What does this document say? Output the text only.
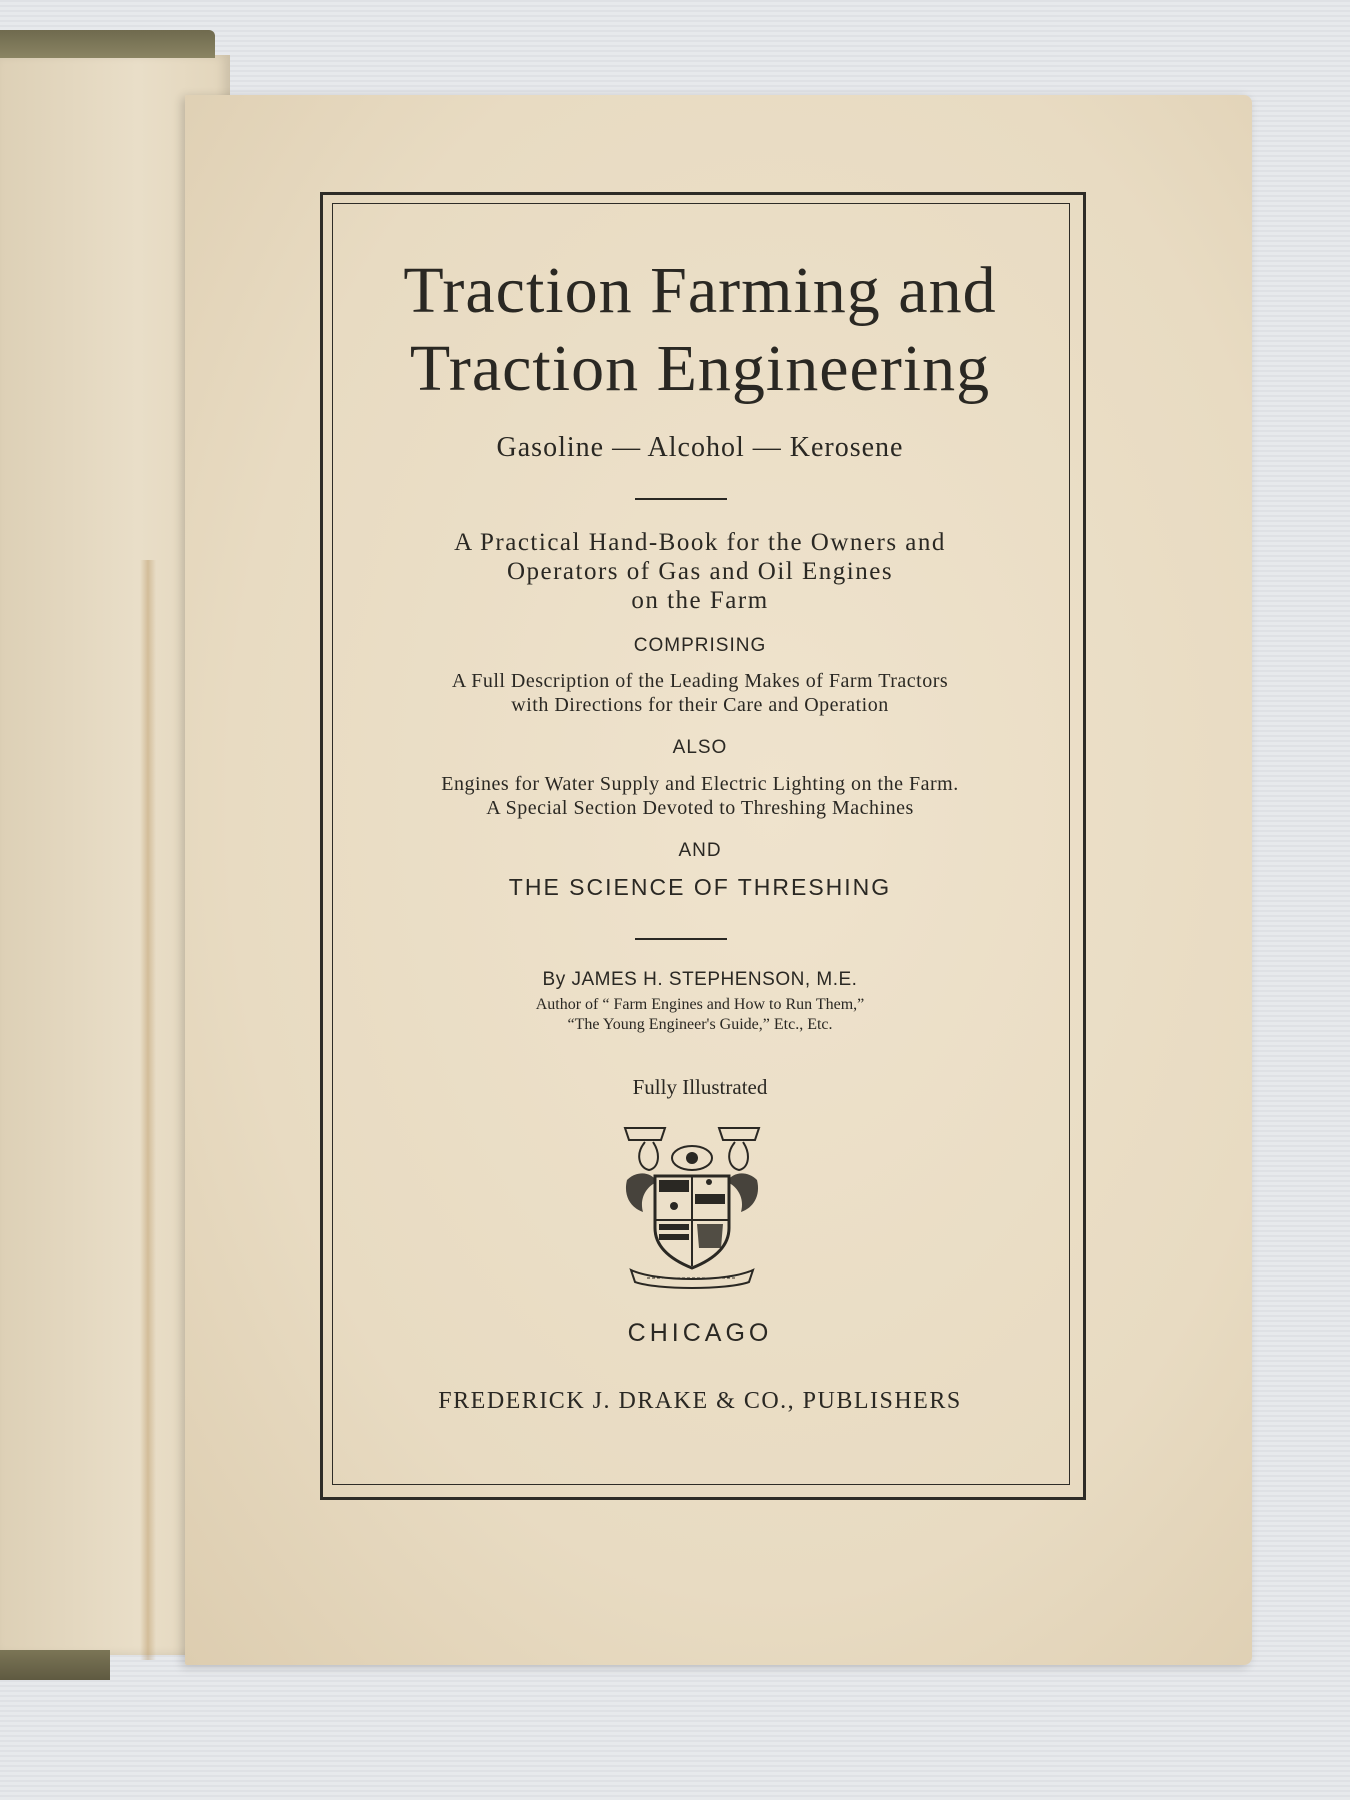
Traction Farming and
Traction Engineering
Gasoline — Alcohol — Kerosene
A Practical Hand-Book for the Owners and
Operators of Gas and Oil Engines
on the Farm
COMPRISING
A Full Description of the Leading Makes of Farm Tractors
with Directions for their Care and Operation
ALSO
Engines for Water Supply and Electric Lighting on the Farm.
A Special Section Devoted to Threshing Machines
AND
THE SCIENCE OF THRESHING
By JAMES H. STEPHENSON, M.E.
Author of “ Farm Engines and How to Run Them,”
“The Young Engineer's Guide,” Etc., Etc.
Fully Illustrated
CHICAGO
FREDERICK J. DRAKE & CO., PUBLISHERS
